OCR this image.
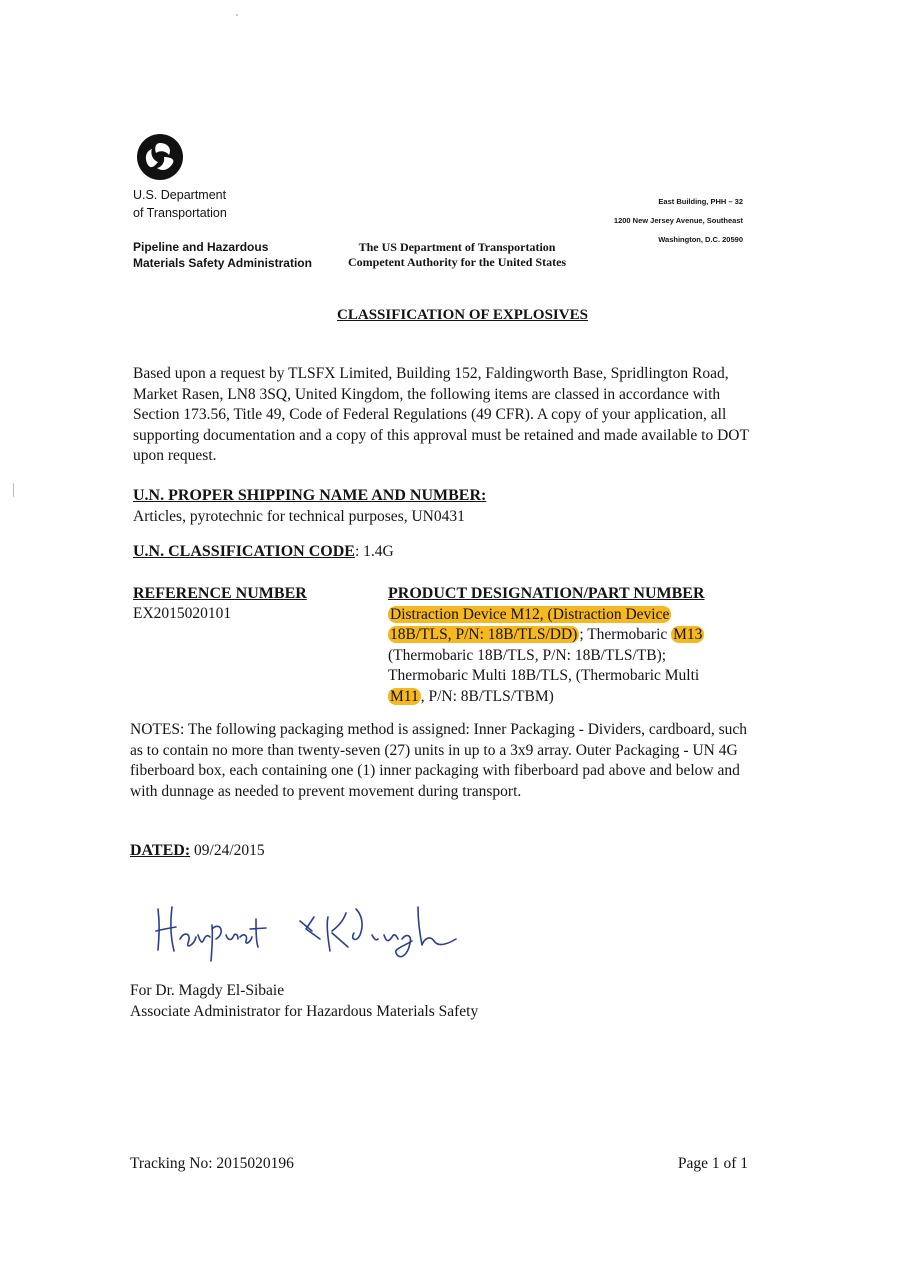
U.S. Department
of Transportation
East Building, PHH – 32
1200 New Jersey Avenue, Southeast
Washington, D.C. 20590
Pipeline and Hazardous
Materials Safety Administration
The US Department of Transportation
Competent Authority for the United States
CLASSIFICATION OF EXPLOSIVES
Based upon a request by TLSFX Limited, Building 152, Faldingworth Base, Spridlington Road, Market Rasen, LN8 3SQ, United Kingdom, the following items are classed in accordance with Section 173.56, Title 49, Code of Federal Regulations (49 CFR). A copy of your application, all supporting documentation and a copy of this approval must be retained and made available to DOT upon request.
U.N. PROPER SHIPPING NAME AND NUMBER:
Articles, pyrotechnic for technical purposes, UN0431
U.N. CLASSIFICATION CODE: 1.4G
REFERENCE NUMBER
EX2015020101
PRODUCT DESIGNATION/PART NUMBER
Distraction Device M12, (Distraction Device
18B/TLS, P/N: 18B/TLS/DD) ; Thermobaric M13
(Thermobaric 18B/TLS, P/N: 18B/TLS/TB);
Thermobaric Multi 18B/TLS, (Thermobaric Multi
M11 , P/N: 8B/TLS/TBM)
NOTES: The following packaging method is assigned: Inner Packaging - Dividers, cardboard, such as to contain no more than twenty-seven (27) units in up to a 3x9 array. Outer Packaging - UN 4G fiberboard box, each containing one (1) inner packaging with fiberboard pad above and below and with dunnage as needed to prevent movement during transport.
DATED: 09/24/2015
For Dr. Magdy El-Sibaie
Associate Administrator for Hazardous Materials Safety
Tracking No: 2015020196	Page 1 of 1
